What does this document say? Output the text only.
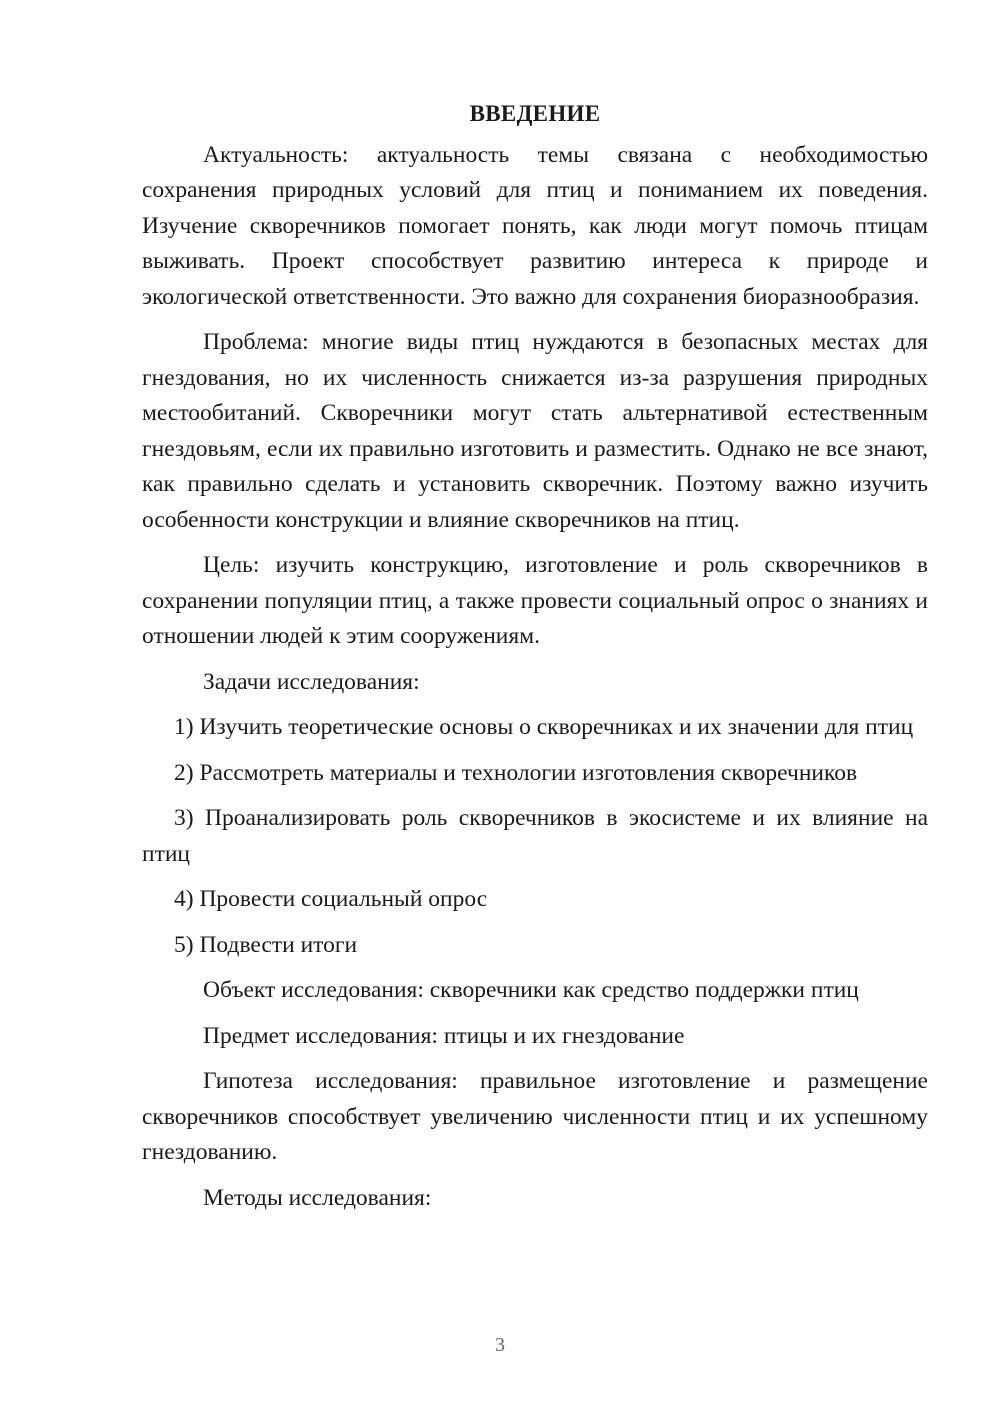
ВВЕДЕНИЕ

Актуальность: актуальность темы связана с необходимостью сохранения природных условий для птиц и пониманием их поведения. Изучение скворечников помогает понять, как люди могут помочь птицам выживать. Проект способствует развитию интереса к природе и экологической ответственности. Это важно для сохранения биоразнообразия.

Проблема: многие виды птиц нуждаются в безопасных местах для гнездования, но их численность снижается из-за разрушения природных местообитаний. Скворечники могут стать альтернативой естественным гнездовьям, если их правильно изготовить и разместить. Однако не все знают, как правильно сделать и установить скворечник. Поэтому важно изучить особенности конструкции и влияние скворечников на птиц.

Цель: изучить конструкцию, изготовление и роль скворечников в сохранении популяции птиц, а также провести социальный опрос о знаниях и отношении людей к этим сооружениям.

Задачи исследования:

1) Изучить теоретические основы о скворечниках и их значении для птиц

2) Рассмотреть материалы и технологии изготовления скворечников

3) Проанализировать роль скворечников в экосистеме и их влияние на птиц

4) Провести социальный опрос

5) Подвести итоги

Объект исследования: скворечники как средство поддержки птиц

Предмет исследования: птицы и их гнездование

Гипотеза исследования: правильное изготовление и размещение скворечников способствует увеличению численности птиц и их успешному гнездованию.

Методы исследования:

3
